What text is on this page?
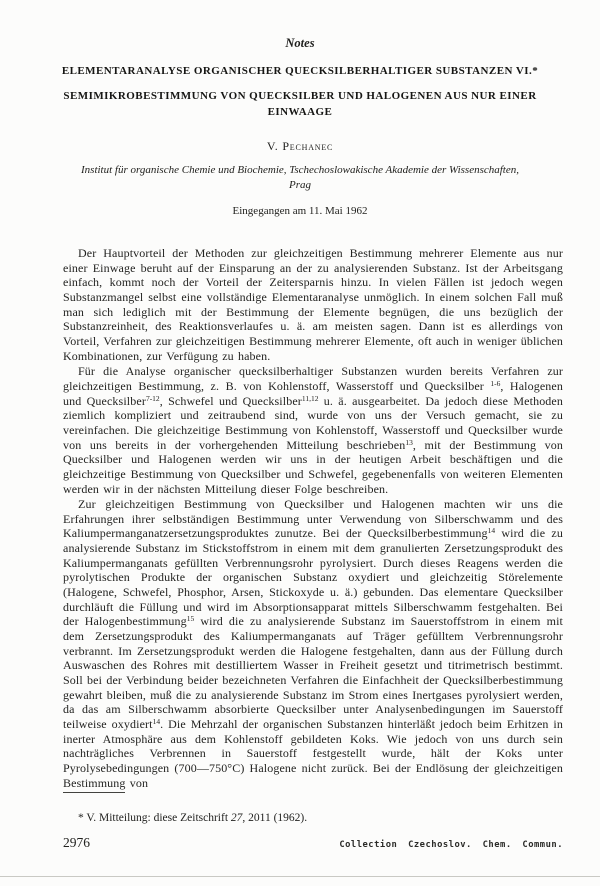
Notes
ELEMENTARANALYSE ORGANISCHER QUECKSILBERHALTIGER SUBSTANZEN VI.*
SEMIMIKROBESTIMMUNG VON QUECKSILBER UND HALOGENEN AUS NUR EINER EINWAAGE
V. Pechanec
Institut für organische Chemie und Biochemie, Tschechoslowakische Akademie der Wissenschaften,
Prag
Eingegangen am 11. Mai 1962

Der Hauptvorteil der Methoden zur gleichzeitigen Bestimmung mehrerer Elemente aus nur einer Einwage beruht auf der Einsparung an der zu analysierenden Substanz. Ist der Arbeitsgang einfach, kommt noch der Vorteil der Zeitersparnis hinzu. In vielen Fällen ist jedoch wegen Substanzmangel selbst eine vollständige Elementaranalyse unmöglich. In einem solchen Fall muß man sich lediglich mit der Bestimmung der Elemente begnügen, die uns bezüglich der Substanzreinheit, des Reaktionsverlaufes u. ä. am meisten sagen. Dann ist es allerdings von Vorteil, Verfahren zur gleichzeitigen Bestimmung mehrerer Elemente, oft auch in weniger üblichen Kombinationen, zur Verfügung zu haben.

Für die Analyse organischer quecksilberhaltiger Substanzen wurden bereits Verfahren zur gleichzeitigen Bestimmung, z. B. von Kohlenstoff, Wasserstoff und Quecksilber $^{1-6}$, Halogenen und Quecksilber$^{7-12}$, Schwefel und Quecksilber$^{11,12}$ u. ä. ausgearbeitet. Da jedoch diese Methoden ziemlich kompliziert und zeitraubend sind, wurde von uns der Versuch gemacht, sie zu vereinfachen. Die gleichzeitige Bestimmung von Kohlenstoff, Wasserstoff und Quecksilber wurde von uns bereits in der vorhergehenden Mitteilung beschrieben$^{13}$, mit der Bestimmung von Quecksilber und Halogenen werden wir uns in der heutigen Arbeit beschäftigen und die gleichzeitige Bestimmung von Quecksilber und Schwefel, gegebenenfalls von weiteren Elementen werden wir in der nächsten Mitteilung dieser Folge beschreiben.

Zur gleichzeitigen Bestimmung von Quecksilber und Halogenen machten wir uns die Erfahrungen ihrer selbständigen Bestimmung unter Verwendung von Silberschwamm und des Kaliumpermanganatzersetzungsproduktes zunutze. Bei der Quecksilberbestimmung$^{14}$ wird die zu analysierende Substanz im Stickstoffstrom in einem mit dem granulierten Zersetzungsprodukt des Kaliumpermanganats gefüllten Verbrennungsrohr pyrolysiert. Durch dieses Reagens werden die pyrolytischen Produkte der organischen Substanz oxydiert und gleichzeitig Störelemente (Halogene, Schwefel, Phosphor, Arsen, Stickoxyde u. ä.) gebunden. Das elementare Quecksilber durchläuft die Füllung und wird im Absorptionsapparat mittels Silberschwamm festgehalten. Bei der Halogenbestimmung$^{15}$ wird die zu analysierende Substanz im Sauerstoffstrom in einem mit dem Zersetzungsprodukt des Kaliumpermanganats auf Träger gefülltem Verbrennungsrohr verbrannt. Im Zersetzungsprodukt werden die Halogene festgehalten, dann aus der Füllung durch Auswaschen des Rohres mit destilliertem Wasser in Freiheit gesetzt und titrimetrisch bestimmt. Soll bei der Verbindung beider bezeichneten Verfahren die Einfachheit der Quecksilberbestimmung gewahrt bleiben, muß die zu analysierende Substanz im Strom eines Inertgases pyrolysiert werden, da das am Silberschwamm absorbierte Quecksilber unter Analysenbedingungen im Sauerstoff teilweise oxydiert$^{14}$. Die Mehrzahl der organischen Substanzen hinterläßt jedoch beim Erhitzen in inerter Atmosphäre aus dem Kohlenstoff gebildeten Koks. Wie jedoch von uns durch sein nachträgliches Verbrennen in Sauerstoff festgestellt wurde, hält der Koks unter Pyrolysebedingungen (700—750°C) Halogene nicht zurück. Bei der Endlösung der gleichzeitigen Bestimmung von

* V. Mitteilung: diese Zeitschrift 27, 2011 (1962).

2976	Collection Czechoslov. Chem. Commun.
